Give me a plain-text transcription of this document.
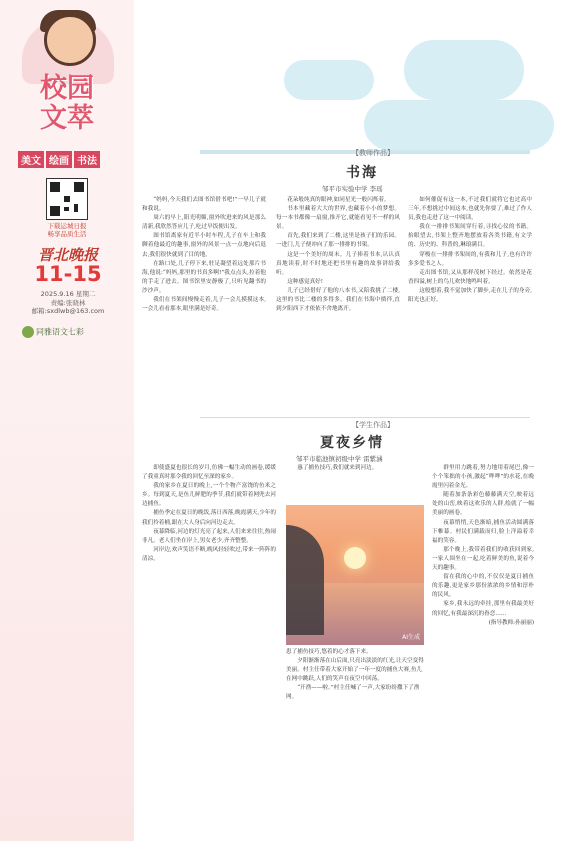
校园
文萃
美文 绘画 书法
下载运城日报
畅享品质生活
晋北晚报
11-15
2025.9.16 星期二
责编:张晓林
邮箱:sxdlwb@163.com
同雅语文七彩
【教师作品】
书海
邹平市实验中学 李瑶

“妈妈,今天我们去图书馆借书吧!”一早儿子就和我说。

周六的早上,阳光明媚,窗外吹进来的风是那么清新,我欣然答应儿子,吃过早饭便出发。

图书馆离家有近半小时车程,儿子在车上和我聊着他最近的趣事,窗外的风景一点一点地向后退去,我们很快就到了目的地。

在路口处,儿子停下来,驻足凝望着远处那片书海,他说:“妈妈,那里的书真多啊!”我点点头,拉着他的手走了进去。图书馆里安静极了,只听见翻书的沙沙声。

我们在书架间慢慢走着,儿子一会儿摸摸这本,一会儿看看那本,眼里满是好奇。

花朵般纯真的眼神,如同星光一般闪烁着。

书本里藏着大大的世界,也藏着小小的梦想。每一本书都像一扇窗,推开它,就能看见不一样的风景。

首先,我们来到了二楼,这里是孩子们的乐园。一进门,儿子便冲向了那一排排的书架。

这是一个美好的周末。儿子捧着书本,认认真真地读着,时不时地还把书里有趣的故事讲给我听。

这种感觉真好!

儿子已经借好了他的八本书,又陪我挑了二楼,这里的书比二楼的多得多。我们在书海中徜徉,直到夕阳西下才依依不舍地离开。

如何催促有这一本,不过我们就将它也过高中三年,不想挑过中间这本,也就先你要了,难过了作人员,我也走进了这一中阅读。

我在一排排书架间穿行着,寻找心仪的书籍。抬眼望去,书架上整齐地摆放着各类书籍,有文学的、历史的、科普的,琳琅满目。

穿梭在一排排书架间的,有我和儿子,也有许许多多爱书之人。

走出图书馆,又从那样茂树下经过。依然是花香四溢,树上的鸟儿欢快地鸣叫着。

这般想着,我不觉加快了脚步,走在儿子的身旁,阳光也正好。

【学生作品】
夏夜乡情
邹平市临池镇初级中学 雷紫涵

即使盛夏也很长的岁月,仿佛一幅生动的画卷,缓缓了我童真时那令我的回忆至深的家乡。

我的家乡在夏日的晚上,一个个物产富饶的鱼米之乡。每到夏天,是鱼儿鲜肥的季节,我们就带着网兜去河边捕鱼。

捕鱼季定在夏日的晚饭,落日西落,晚霞满天,少年的我们拎着桶,跟在大人身后向河边走去。

夜幕降临,河边的灯光亮了起来,人们来来往往,热闹非凡。老人们坐在岸上,男女老少,齐齐整整。

河岸边,欢声笑语不断,晚风轻轻吹过,带来一阵阵的清凉。

惠了捕鱼技巧,我们就来到河边。

AI生成

患了捕鱼技巧,悠着的心才落下来。

夕阳渐渐落在山后面,只亮出淡淡的红光,让天空变得美丽。村主任带着大家开始了一年一度的捕鱼大赛,鱼儿在网中跳跃,人们的笑声在夜空中回荡。

“开渔——啦。”村主任喊了一声,大家纷纷撒下了渔网。

群里用力跳着,努力地用着尾巴,像一个个笨拙的小孩,激起“哗哗”的水花,在晚霞里闪着金光。

随着加条条彩色藤藤满天空,映着远处的山峦,映着这欢乐的人群,绘就了一幅美丽的画卷。

夜幕悄悄,天色渐暗,捕鱼活动圆满落下帷幕。村民们满载而归,脸上洋溢着幸福的笑容。

那个晚上,我带着我们的收获回到家,一家人围坐在一起,吃着鲜美的鱼,说着今天的趣事。

留在我的心中的,不仅仅是夏日捕鱼的乐趣,更是家乡那份浓浓的乡情和淳朴的民风。

家乡,我永远的牵挂,那里有我最美好的回忆,有我最深沉的眷恋……

(指导教师:孙丽丽)
